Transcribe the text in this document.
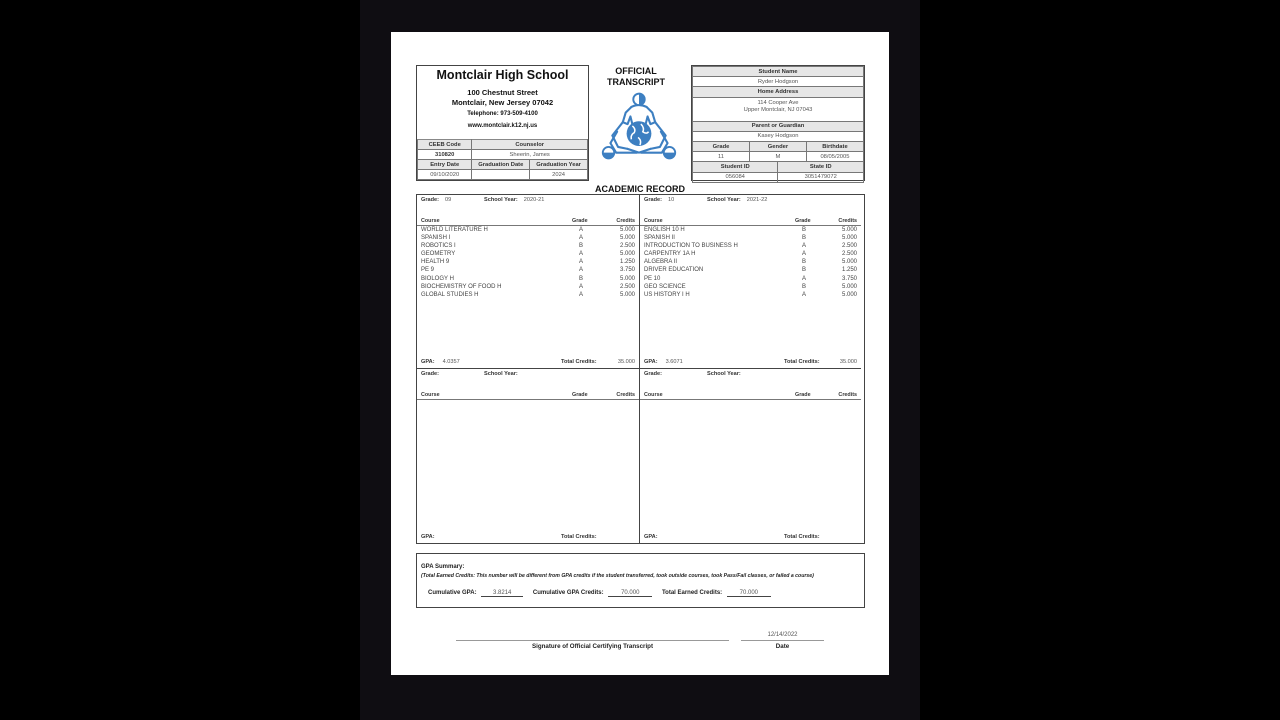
Montclair High School
100 Chestnut Street
Montclair, New Jersey 07042
Telephone: 973-509-4100
www.montclair.k12.nj.us
CEEB Code	Counselor	
310820	Sheerin, James	
Entry Date	Graduation Date	Graduation Year
09/10/2020		2024
OFFICIAL
TRANSCRIPT
Student Name			
Ryder Hodgson			
Home Address			

114 Cooper Ave
Upper Montclair, NJ 07043			

Parent or Guardian			
Kasey Hodgson			
Grade	Gender		Birthdate
11	M		08/05/2005
Student ID		State ID	
056084		3051479072	
ACADEMIC RECORD
Grade: 09	School Year: 2020-21
Course	Grade	Credits
WORLD LITERATURE H	A	5.000
SPANISH I	A	5.000
ROBOTICS I	B	2.500
GEOMETRY	A	5.000
HEALTH 9	A	1.250
PE 9	A	3.750
BIOLOGY H	B	5.000
BIOCHEMISTRY OF FOOD H	A	2.500
GLOBAL STUDIES H	A	5.000
GPA: 4.0357	Total Credits:	35.000
Grade: 10	School Year: 2021-22
Course	Grade	Credits
ENGLISH 10 H	B	5.000
SPANISH II	B	5.000
INTRODUCTION TO BUSINESS H	A	2.500
CARPENTRY 1A H	A	2.500
ALGEBRA II	B	5.000
DRIVER EDUCATION	B	1.250
PE 10	A	3.750
GEO SCIENCE	B	5.000
US HISTORY I H	A	5.000
GPA: 3.6071	Total Credits:	35.000
Grade:	School Year:
Course	Grade	Credits
GPA:	Total Credits:
Grade:	School Year:
Course	Grade	Credits
GPA:	Total Credits:
GPA Summary:
(Total Earned Credits: This number will be different from GPA credits if the student transferred, took outside courses, took Pass/Fail classes, or failed a course)
Cumulative GPA:	3.8214	Cumulative GPA Credits:	70.000	Total Earned Credits:	70.000
Signature of Official Certifying Transcript
12/14/2022
Date
